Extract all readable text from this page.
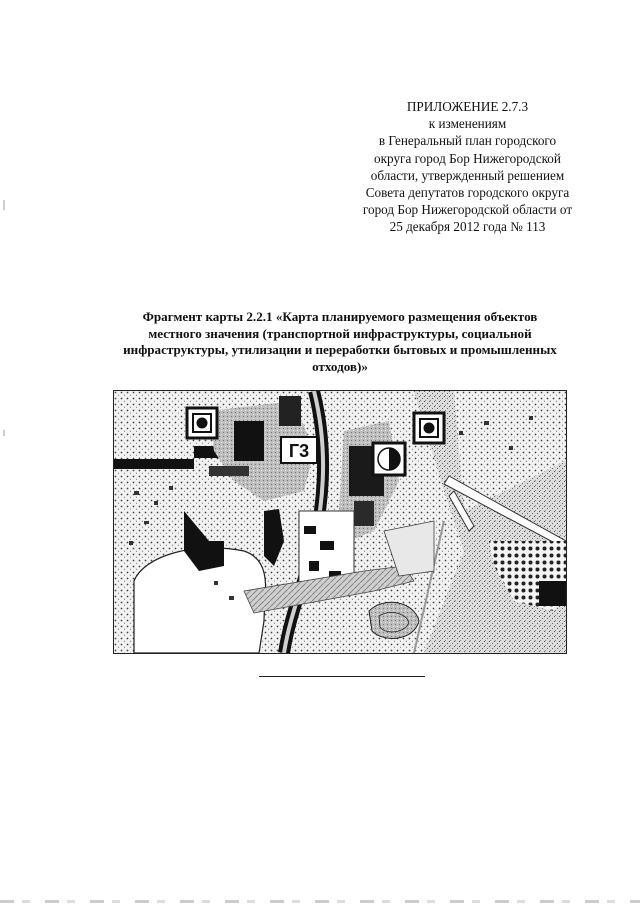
ПРИЛОЖЕНИЕ 2.7.3
к изменениям
в Генеральный план городского
округа город Бор Нижегородской
области, утвержденный решением
Совета депутатов городского округа
город Бор Нижегородской области от
25 декабря 2012 года № 113
Фрагмент карты 2.2.1 «Карта планируемого размещения объектов
местного значения (транспортной инфраструктуры, социальной
инфраструктуры, утилизации и переработки бытовых и промышленных
отходов)»
Г3
